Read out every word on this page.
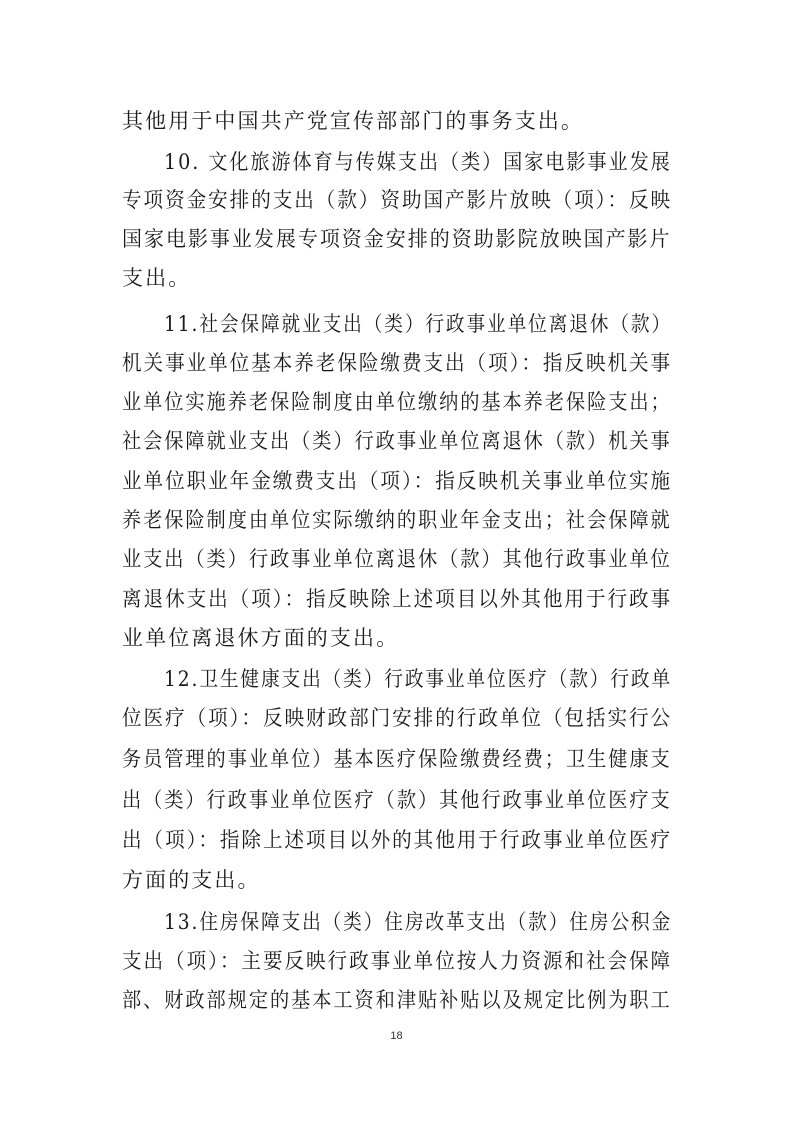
其他用于中国共产党宣传部部门的事务支出。
10. 文化旅游体育与传媒支出（类）国家电影事业发展
专项资金安排的支出（款）资助国产影片放映（项）：反映
国家电影事业发展专项资金安排的资助影院放映国产影片
支出。
11.社会保障就业支出（类）行政事业单位离退休（款）
机关事业单位基本养老保险缴费支出（项）：指反映机关事
业单位实施养老保险制度由单位缴纳的基本养老保险支出；
社会保障就业支出（类）行政事业单位离退休（款）机关事
业单位职业年金缴费支出（项）：指反映机关事业单位实施
养老保险制度由单位实际缴纳的职业年金支出；社会保障就
业支出（类）行政事业单位离退休（款）其他行政事业单位
离退休支出（项）：指反映除上述项目以外其他用于行政事
业单位离退休方面的支出。
12.卫生健康支出（类）行政事业单位医疗（款）行政单
位医疗（项）：反映财政部门安排的行政单位（包括实行公
务员管理的事业单位）基本医疗保险缴费经费；卫生健康支
出（类）行政事业单位医疗（款）其他行政事业单位医疗支
出（项）：指除上述项目以外的其他用于行政事业单位医疗
方面的支出。
13.住房保障支出（类）住房改革支出（款）住房公积金
支出（项）：主要反映行政事业单位按人力资源和社会保障
部、财政部规定的基本工资和津贴补贴以及规定比例为职工
18
